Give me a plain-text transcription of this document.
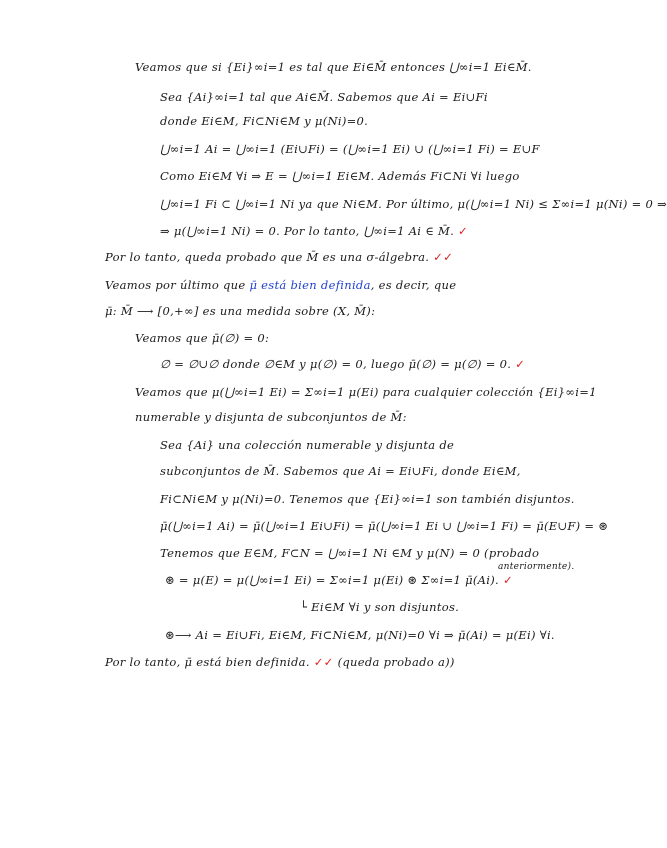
Veamos que si {Ei}∞i=1 es tal que Ei∈M̄ entonces ⋃∞i=1 Ei∈M̄.
Sea {Ai}∞i=1 tal que Ai∈M̄. Sabemos que Ai = Ei∪Fi
donde Ei∈M, Fi⊂Ni∈M y μ(Ni)=0.
⋃∞i=1 Ai = ⋃∞i=1 (Ei∪Fi) = (⋃∞i=1 Ei) ∪ (⋃∞i=1 Fi) = E∪F
Como Ei∈M ∀i ⇒ E = ⋃∞i=1 Ei∈M. Además Fi⊂Ni ∀i luego
⋃∞i=1 Fi ⊂ ⋃∞i=1 Ni ya que Ni∈M. Por último, μ(⋃∞i=1 Ni) ≤ Σ∞i=1 μ(Ni) = 0 ⇒
⇒ μ(⋃∞i=1 Ni) = 0. Por lo tanto, ⋃∞i=1 Ai ∈ M̄. ✓
Por lo tanto, queda probado que M̄ es una σ-álgebra. ✓✓
Veamos por último que μ̄ está bien definida, es decir, que
μ̄: M̄ ⟶ [0,+∞] es una medida sobre (X, M̄):
Veamos que μ̄(∅) = 0:
∅ = ∅∪∅ donde ∅∈M y μ(∅) = 0, luego μ̄(∅) = μ(∅) = 0. ✓
Veamos que μ(⋃∞i=1 Ei) = Σ∞i=1 μ(Ei) para cualquier colección {Ei}∞i=1
numerable y disjunta de subconjuntos de M̄:
Sea {Ai} una colección numerable y disjunta de
subconjuntos de M̄. Sabemos que Ai = Ei∪Fi, donde Ei∈M,
Fi⊂Ni∈M y μ(Ni)=0. Tenemos que {Ei}∞i=1 son también disjuntos.
μ̄(⋃∞i=1 Ai) = μ̄(⋃∞i=1 Ei∪Fi) = μ̄(⋃∞i=1 Ei ∪ ⋃∞i=1 Fi) = μ̄(E∪F) = ⊛
Tenemos que E∈M, F⊂N = ⋃∞i=1 Ni ∈M y μ(N) = 0 (probado
anteriormente).
⊛ = μ(E) = μ(⋃∞i=1 Ei) = Σ∞i=1 μ(Ei) ⊛ Σ∞i=1 μ̄(Ai). ✓
└ Ei∈M ∀i y son disjuntos.
⊛⟶ Ai = Ei∪Fi, Ei∈M, Fi⊂Ni∈M, μ(Ni)=0 ∀i ⇒ μ̄(Ai) = μ(Ei) ∀i.
Por lo tanto, μ̄ está bien definida. ✓✓ (queda probado a))
